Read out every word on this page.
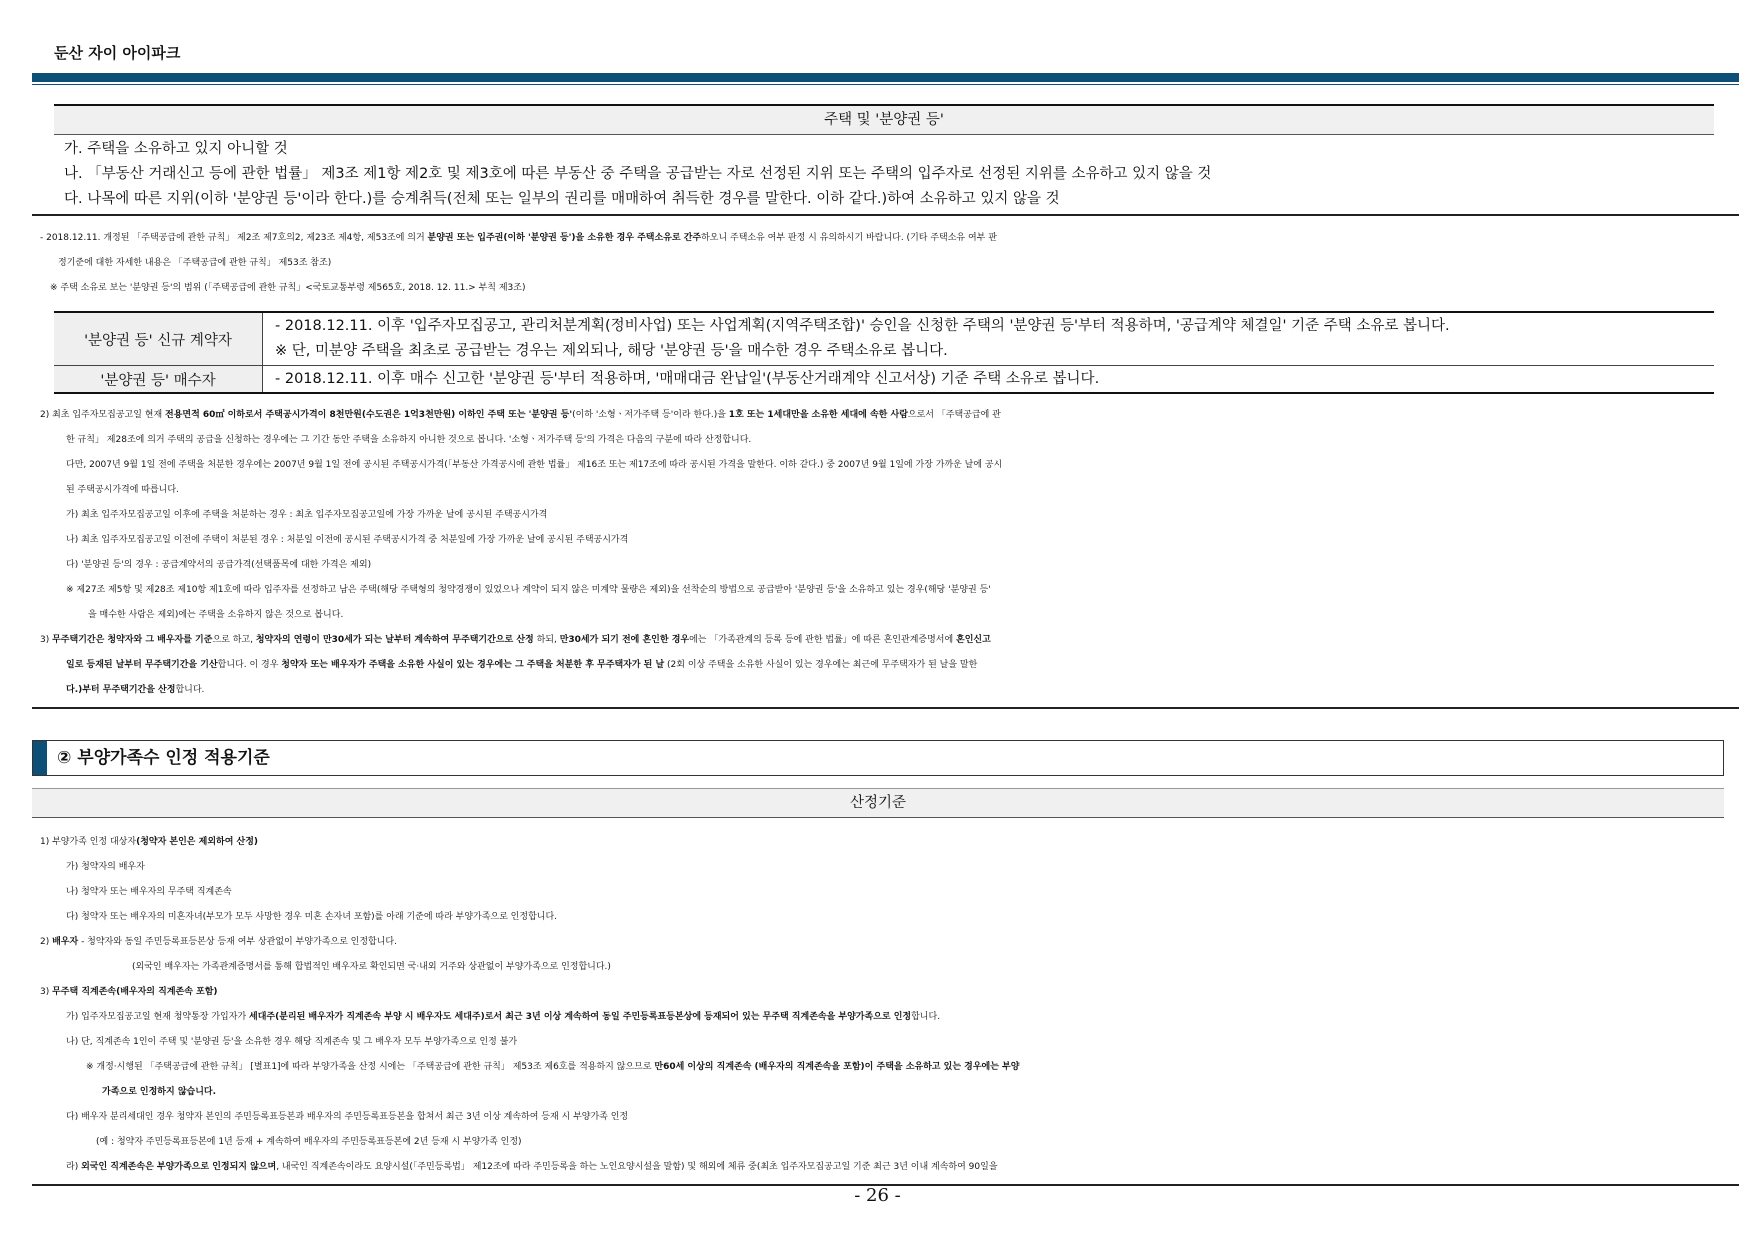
둔산 자이 아이파크
주택 및 '분양권 등'
가. 주택을 소유하고 있지 아니할 것
나. 「부동산 거래신고 등에 관한 법률」 제3조 제1항 제2호 및 제3호에 따른 부동산 중 주택을 공급받는 자로 선정된 지위 또는 주택의 입주자로 선정된 지위를 소유하고 있지 않을 것
다. 나목에 따른 지위(이하 '분양권 등'이라 한다.)를 승계취득(전체 또는 일부의 권리를 매매하여 취득한 경우를 말한다. 이하 같다.)하여 소유하고 있지 않을 것
- 2018.12.11. 개정된 「주택공급에 관한 규칙」 제2조 제7호의2, 제23조 제4항, 제53조에 의거 분양권 또는 입주권(이하 '분양권 등')을 소유한 경우 주택소유로 간주하오니 주택소유 여부 판정 시 유의하시기 바랍니다. (기타 주택소유 여부 판
정기준에 대한 자세한 내용은 「주택공급에 관한 규칙」 제53조 참조)
※ 주택 소유로 보는 '분양권 등'의 범위 (「주택공급에 관한 규칙」<국토교통부령 제565호, 2018. 12. 11.> 부칙 제3조)
'분양권 등' 신규 계약자	- 2018.12.11. 이후 '입주자모집공고, 관리처분계획(정비사업) 또는 사업계획(지역주택조합)' 승인을 신청한 주택의 '분양권 등'부터 적용하며, '공급계약 체결일' 기준 주택 소유로 봅니다.
※ 단, 미분양 주택을 최초로 공급받는 경우는 제외되나, 해당 '분양권 등'을 매수한 경우 주택소유로 봅니다.

'분양권 등' 매수자	- 2018.12.11. 이후 매수 신고한 '분양권 등'부터 적용하며, '매매대금 완납일'(부동산거래계약 신고서상) 기준 주택 소유로 봅니다.
2) 최초 입주자모집공고일 현재 전용면적 60㎡ 이하로서 주택공시가격이 8천만원(수도권은 1억3천만원) 이하인 주택 또는 '분양권 등'(이하 '소형ㆍ저가주택 등'이라 한다.)을 1호 또는 1세대만을 소유한 세대에 속한 사람으로서 「주택공급에 관
한 규칙」 제28조에 의거 주택의 공급을 신청하는 경우에는 그 기간 동안 주택을 소유하지 아니한 것으로 봅니다. '소형ㆍ저가주택 등'의 가격은 다음의 구분에 따라 산정합니다.
다만, 2007년 9월 1일 전에 주택을 처분한 경우에는 2007년 9월 1일 전에 공시된 주택공시가격(「부동산 가격공시에 관한 법률」 제16조 또는 제17조에 따라 공시된 가격을 말한다. 이하 같다.) 중 2007년 9월 1일에 가장 가까운 날에 공시
된 주택공시가격에 따릅니다.
가) 최초 입주자모집공고일 이후에 주택을 처분하는 경우 : 최초 입주자모집공고일에 가장 가까운 날에 공시된 주택공시가격
나) 최초 입주자모집공고일 이전에 주택이 처분된 경우 : 처분일 이전에 공시된 주택공시가격 중 처분일에 가장 가까운 날에 공시된 주택공시가격
다) '분양권 등'의 경우 : 공급계약서의 공급가격(선택품목에 대한 가격은 제외)
※ 제27조 제5항 및 제28조 제10항 제1호에 따라 입주자를 선정하고 남은 주택(해당 주택형의 청약경쟁이 있었으나 계약이 되지 않은 미계약 물량은 제외)을 선착순의 방법으로 공급받아 '분양권 등'을 소유하고 있는 경우(해당 '분양권 등'
을 매수한 사람은 제외)에는 주택을 소유하지 않은 것으로 봅니다.
3) 무주택기간은 청약자와 그 배우자를 기준으로 하고, 청약자의 연령이 만30세가 되는 날부터 계속하여 무주택기간으로 산정 하되, 만30세가 되기 전에 혼인한 경우에는 「가족관계의 등록 등에 관한 법률」에 따른 혼인관계증명서에 혼인신고
일로 등재된 날부터 무주택기간을 기산합니다. 이 경우 청약자 또는 배우자가 주택을 소유한 사실이 있는 경우에는 그 주택을 처분한 후 무주택자가 된 날 (2회 이상 주택을 소유한 사실이 있는 경우에는 최근에 무주택자가 된 날을 말한
다.)부터 무주택기간을 산정합니다.
② 부양가족수 인정 적용기준
산정기준
1) 부양가족 인정 대상자(청약자 본인은 제외하여 산정)
가) 청약자의 배우자
나) 청약자 또는 배우자의 무주택 직계존속
다) 청약자 또는 배우자의 미혼자녀(부모가 모두 사망한 경우 미혼 손자녀 포함)를 아래 기준에 따라 부양가족으로 인정합니다.
2) 배우자 - 청약자와 동일 주민등록표등본상 등재 여부 상관없이 부양가족으로 인정합니다.
(외국인 배우자는 가족관계증명서를 통해 합법적인 배우자로 확인되면 국·내외 거주와 상관없이 부양가족으로 인정합니다.)
3) 무주택 직계존속(배우자의 직계존속 포함)
가) 입주자모집공고일 현재 청약통장 가입자가 세대주(분리된 배우자가 직계존속 부양 시 배우자도 세대주)로서 최근 3년 이상 계속하여 동일 주민등록표등본상에 등재되어 있는 무주택 직계존속을 부양가족으로 인정합니다.
나) 단, 직계존속 1인이 주택 및 '분양권 등'을 소유한 경우 해당 직계존속 및 그 배우자 모두 부양가족으로 인정 불가
※ 개정·시행된 「주택공급에 관한 규칙」 [별표1]에 따라 부양가족을 산정 시에는 「주택공급에 관한 규칙」 제53조 제6호를 적용하지 않으므로 만60세 이상의 직계존속 (배우자의 직계존속을 포함)이 주택을 소유하고 있는 경우에는 부양
가족으로 인정하지 않습니다.
다) 배우자 분리세대인 경우 청약자 본인의 주민등록표등본과 배우자의 주민등록표등본을 합쳐서 최근 3년 이상 계속하여 등재 시 부양가족 인정
(예 : 청약자 주민등록표등본에 1년 등재 + 계속하여 배우자의 주민등록표등본에 2년 등재 시 부양가족 인정)
라) 외국인 직계존속은 부양가족으로 인정되지 않으며, 내국인 직계존속이라도 요양시설(「주민등록법」 제12조에 따라 주민등록을 하는 노인요양시설을 말함) 및 해외에 체류 중(최초 입주자모집공고일 기준 최근 3년 이내 계속하여 90일을
- 26 -
